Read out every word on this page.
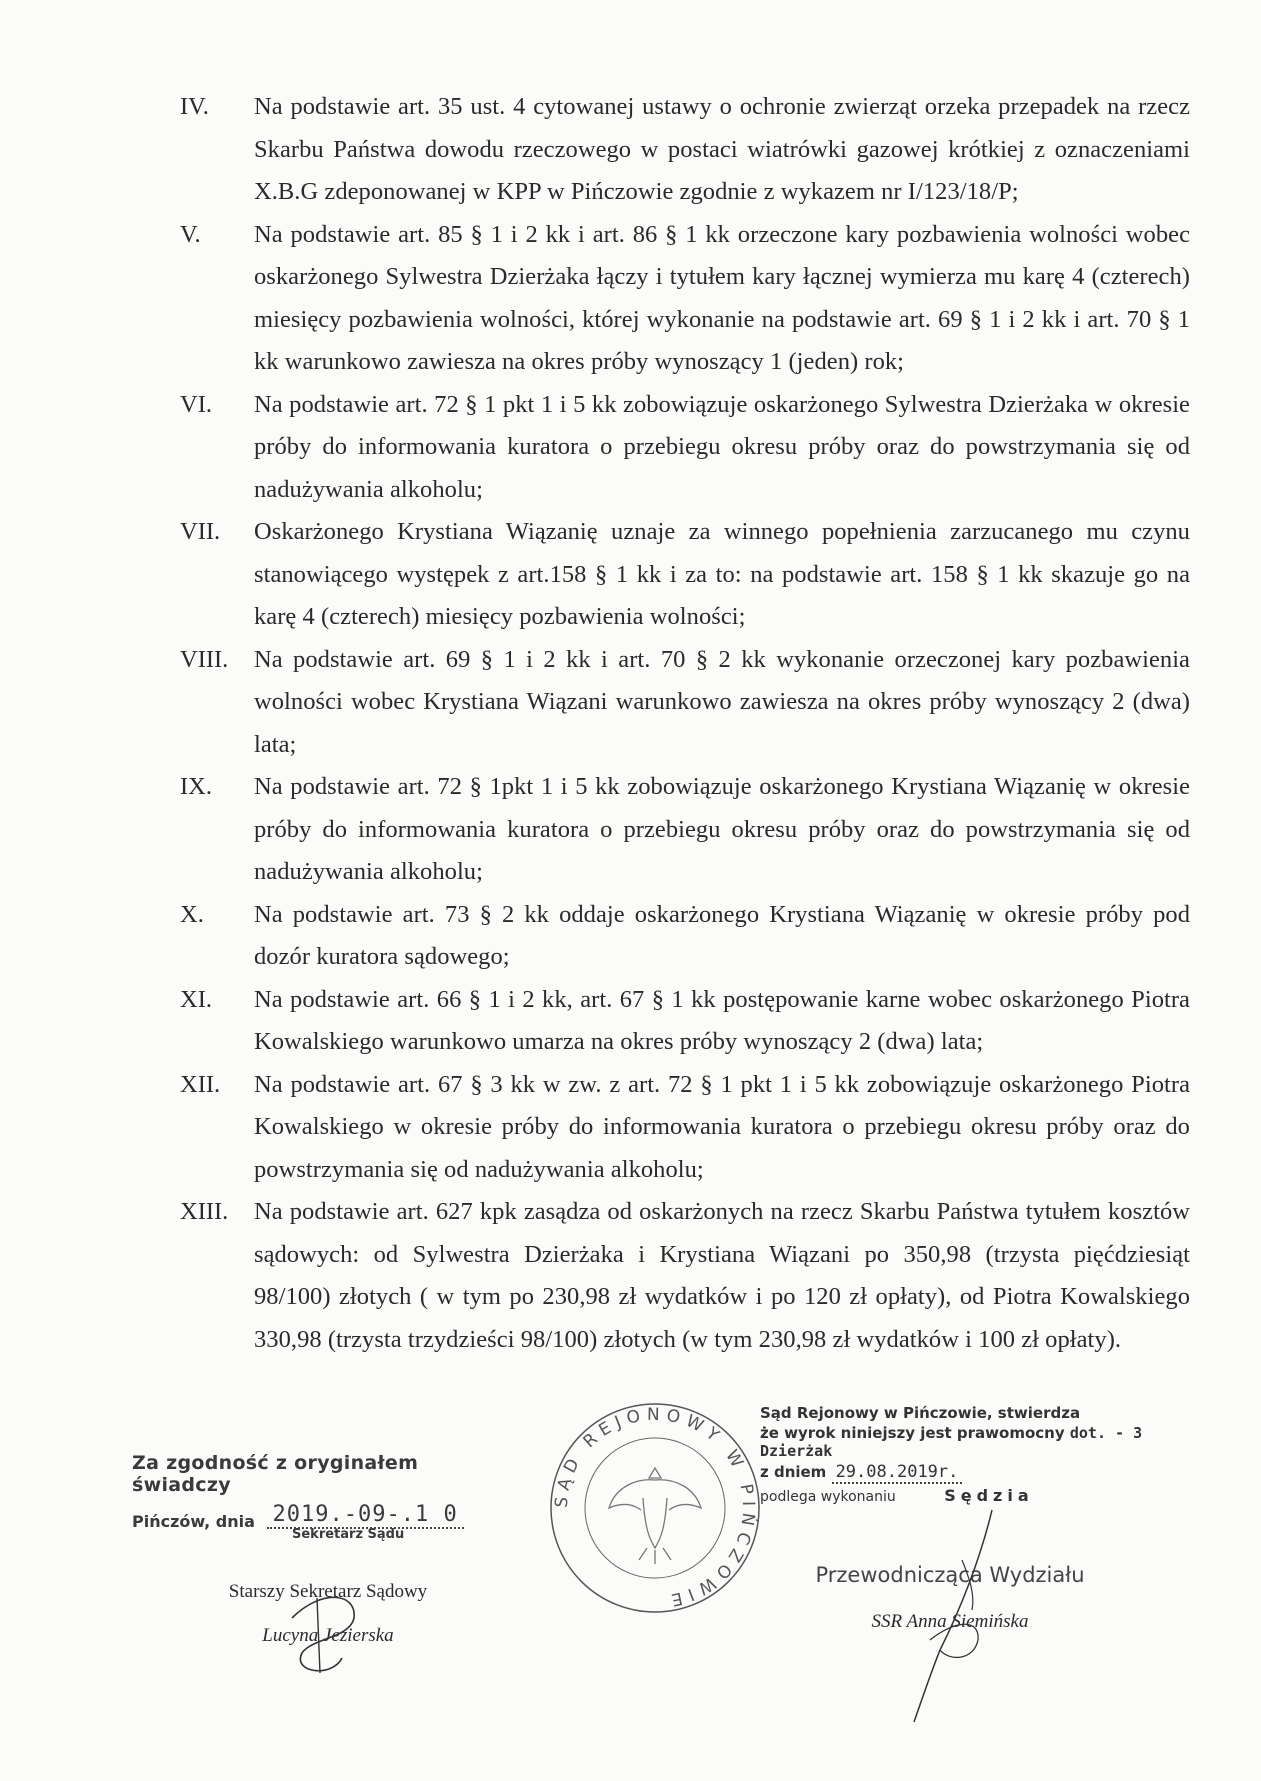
IV. Na podstawie art. 35 ust. 4 cytowanej ustawy o ochronie zwierząt orzeka przepadek na rzecz Skarbu Państwa dowodu rzeczowego w postaci wiatrówki gazowej krótkiej z oznaczeniami X.B.G zdeponowanej w KPP w Pińczowie zgodnie z wykazem nr I/123/18/P;
V. Na podstawie art. 85 § 1 i 2 kk i art. 86 § 1 kk orzeczone kary pozbawienia wolności wobec oskarżonego Sylwestra Dzierżaka łączy i tytułem kary łącznej wymierza mu karę 4 (czterech) miesięcy pozbawienia wolności, której wykonanie na podstawie art. 69 § 1 i 2 kk i art. 70 § 1 kk warunkowo zawiesza na okres próby wynoszący 1 (jeden) rok;
VI. Na podstawie art. 72 § 1 pkt 1 i 5 kk zobowiązuje oskarżonego Sylwestra Dzierżaka w okresie próby do informowania kuratora o przebiegu okresu próby oraz do powstrzymania się od nadużywania alkoholu;
VII. Oskarżonego Krystiana Wiązanię uznaje za winnego popełnienia zarzucanego mu czynu stanowiącego występek z art.158 § 1 kk i za to: na podstawie art. 158 § 1 kk skazuje go na karę 4 (czterech) miesięcy pozbawienia wolności;
VIII. Na podstawie art. 69 § 1 i 2 kk i art. 70 § 2 kk wykonanie orzeczonej kary pozbawienia wolności wobec Krystiana Wiązani warunkowo zawiesza na okres próby wynoszący 2 (dwa) lata;
IX. Na podstawie art. 72 § 1pkt 1 i 5 kk zobowiązuje oskarżonego Krystiana Wiązanię w okresie próby do informowania kuratora o przebiegu okresu próby oraz do powstrzymania się od nadużywania alkoholu;
X. Na podstawie art. 73 § 2 kk oddaje oskarżonego Krystiana Wiązanię w okresie próby pod dozór kuratora sądowego;
XI. Na podstawie art. 66 § 1 i 2 kk, art. 67 § 1 kk postępowanie karne wobec oskarżonego Piotra Kowalskiego warunkowo umarza na okres próby wynoszący 2 (dwa) lata;
XII. Na podstawie art. 67 § 3 kk w zw. z art. 72 § 1 pkt 1 i 5 kk zobowiązuje oskarżonego Piotra Kowalskiego w okresie próby do informowania kuratora o przebiegu okresu próby oraz do powstrzymania się od nadużywania alkoholu;
XIII. Na podstawie art. 627 kpk zasądza od oskarżonych na rzecz Skarbu Państwa tytułem kosztów sądowych: od Sylwestra Dzierżaka i Krystiana Wiązani po 350,98 (trzysta pięćdziesiąt 98/100) złotych ( w tym po 230,98 zł wydatków i po 120 zł opłaty), od Piotra Kowalskiego 330,98 (trzysta trzydzieści 98/100) złotych (w tym 230,98 zł wydatków i 100 zł opłaty).
Za zgodność z oryginałem świadczy
Pińczów, dnia 2019.-09-.1 0
Sekretarz Sądu
Starszy Sekretarz Sądowy
Lucyna Jezierska
SĄD REJONOWY W PIŃCZOWIE
Sąd Rejonowy w Pińczowie, stwierdza
że wyrok niniejszy jest prawomocny dot. - 3 Dzierżak
z dniem 29.08.2019r.
podlega wykonaniu	Sędzia
Przewodnicząca Wydziału
SSR Anna Siemińska
